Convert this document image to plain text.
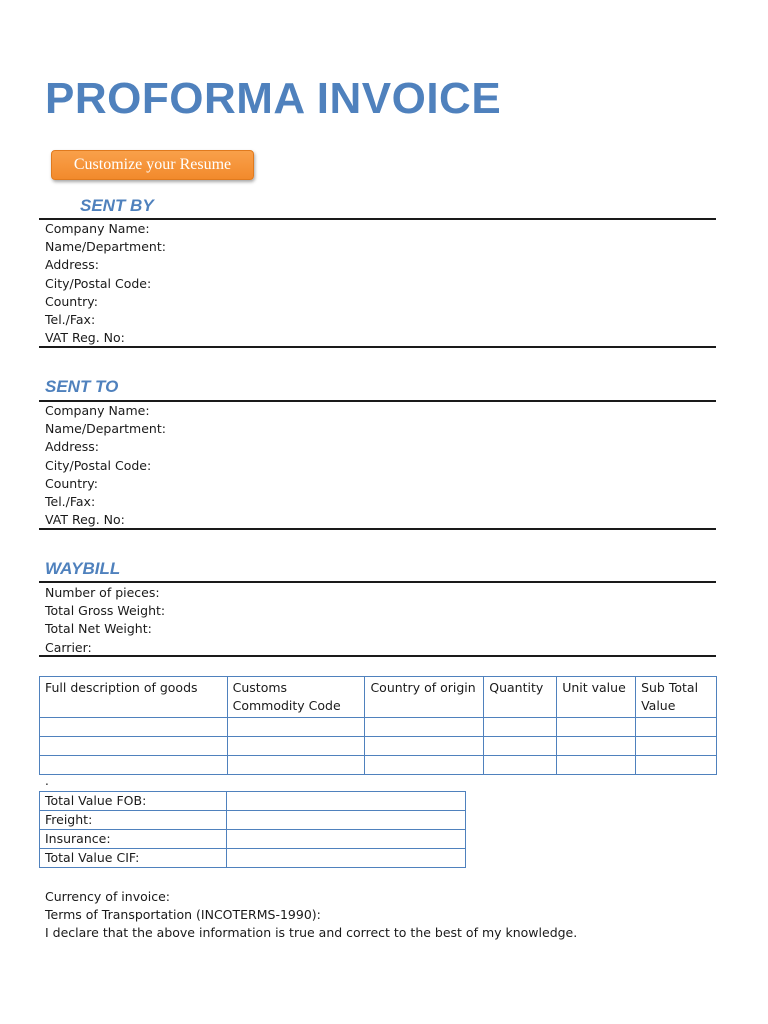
PROFORMA INVOICE
Customize your Resume
SENT BY
Company Name:
Name/Department:
Address:
City/Postal Code:
Country:
Tel./Fax:
VAT Reg. No:
SENT TO
Company Name:
Name/Department:
Address:
City/Postal Code:
Country:
Tel./Fax:
VAT Reg. No:
WAYBILL
Number of pieces:
Total Gross Weight:
Total Net Weight:
Carrier:
Full description of goods	Customs Commodity Code	Country of origin	Quantity	Unit value	Sub Total Value

.
Total Value FOB:	
Freight:	
Insurance:	
Total Value CIF:	
Currency of invoice:
Terms of Transportation (INCOTERMS-1990):
I declare that the above information is true and correct to the best of my knowledge.
